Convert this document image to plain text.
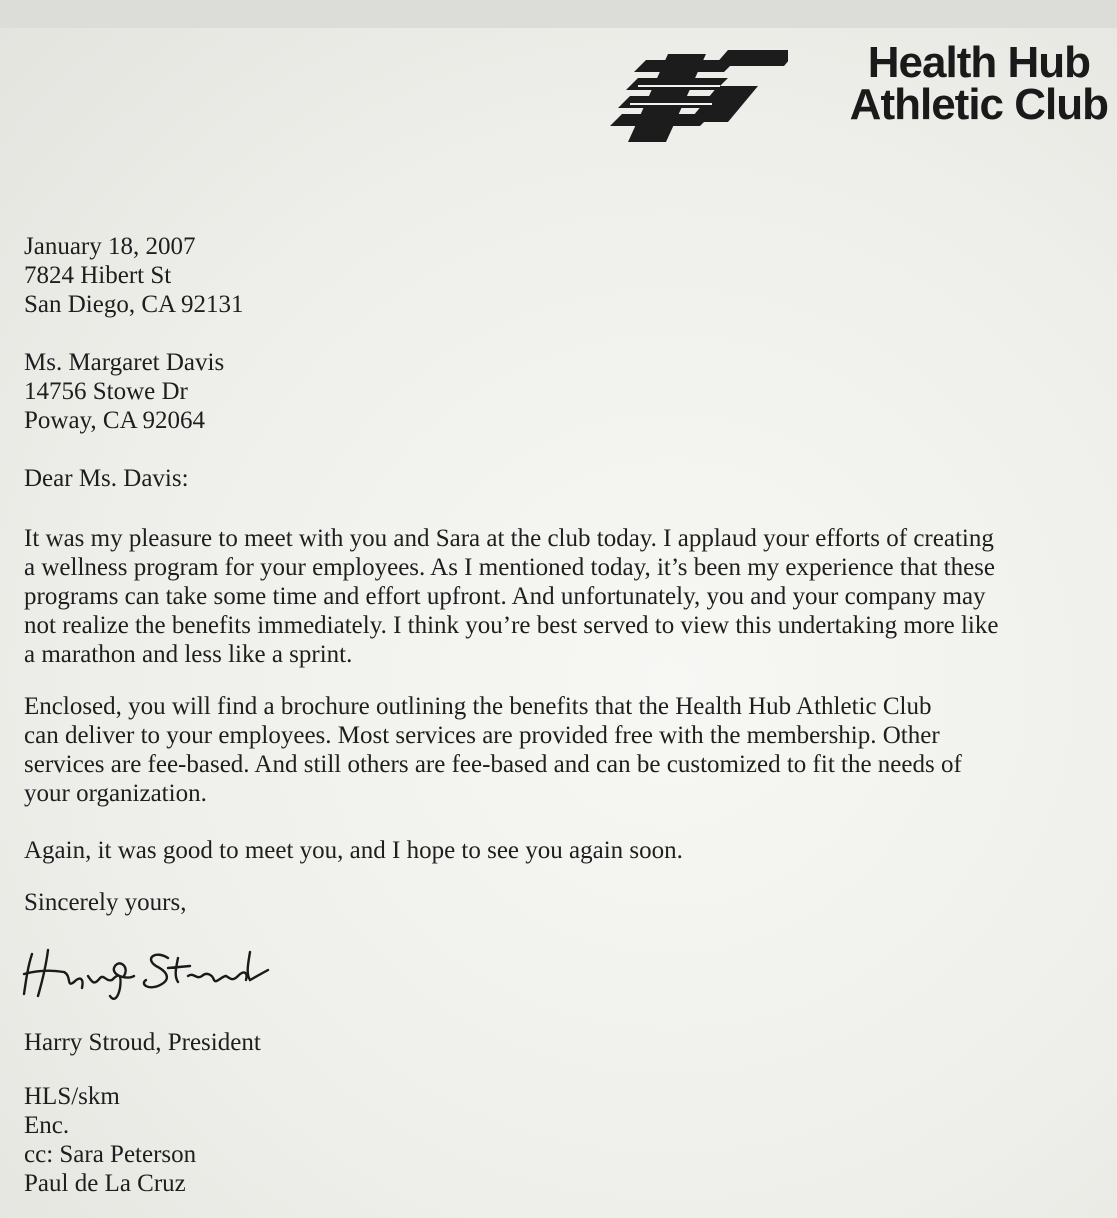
Health Hub
Athletic Club
January 18, 2007
7824 Hibert St
San Diego, CA 92131
Ms. Margaret Davis
14756 Stowe Dr
Poway, CA 92064
Dear Ms. Davis:
It was my pleasure to meet with you and Sara at the club today. I applaud your efforts of creating
a wellness program for your employees. As I mentioned today, it’s been my experience that these
programs can take some time and effort upfront. And unfortunately, you and your company may
not realize the benefits immediately. I think you’re best served to view this undertaking more like
a marathon and less like a sprint.
Enclosed, you will find a brochure outlining the benefits that the Health Hub Athletic Club
can deliver to your employees. Most services are provided free with the membership. Other
services are fee-based. And still others are fee-based and can be customized to fit the needs of
your organization.
Again, it was good to meet you, and I hope to see you again soon.
Sincerely yours,
Harry Stroud, President
HLS/skm
Enc.
cc: Sara Peterson
Paul de La Cruz
